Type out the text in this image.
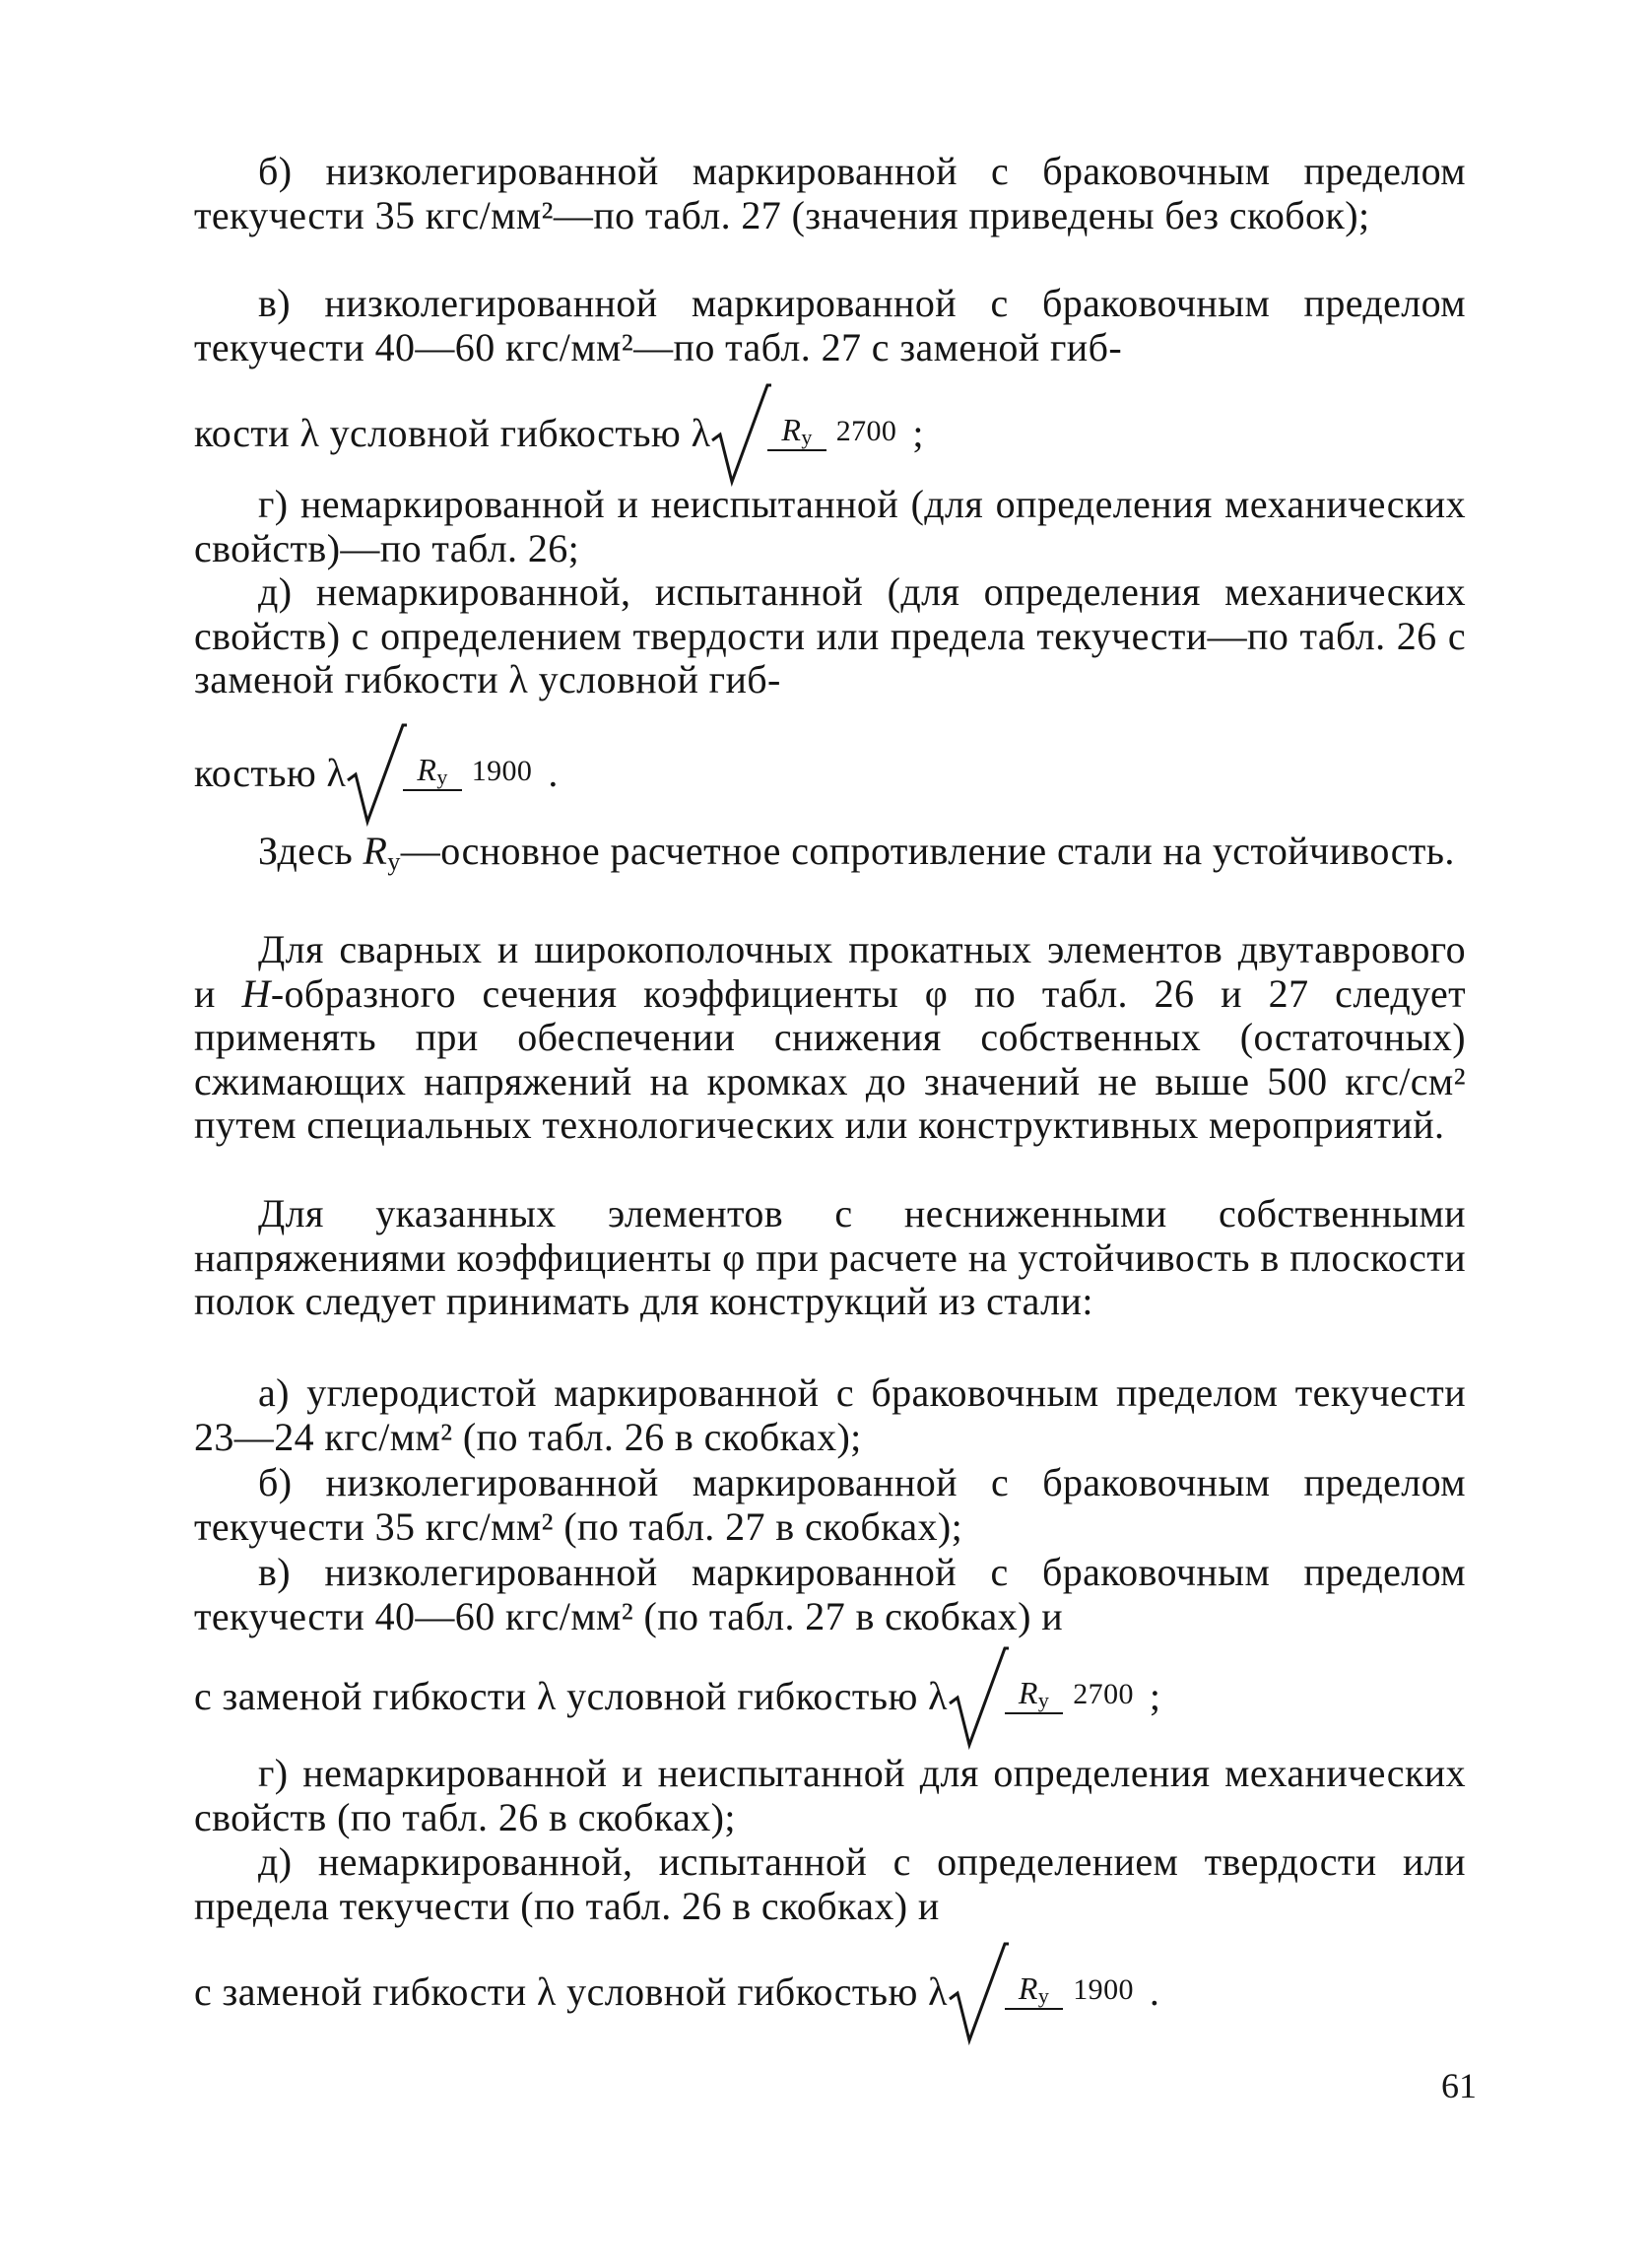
б) низколегированной маркированной с браковочным пределом текучести 35 кгс/мм²—по табл. 27 (значения приведены без скобок);

в) низколегированной маркированной с браковочным пределом текучести 40—60 кгс/мм²—по табл. 27 с заменой гиб-

кости λ условной гибкостью λ $R_y$ 2700 ;

г) немаркированной и неиспытанной (для определения механических свойств)—по табл. 26;

д) немаркированной, испытанной (для определения механических свойств) с определением твердости или предела текучести—по табл. 26 с заменой гибкости λ условной гиб-

костью λ $R_y$ 1900 .

Здесь $R_y—основное$ расчетное сопротивление стали на устойчивость.

Для сварных и широкополочных прокатных элементов двутаврового и H-образного сечения коэффициенты φ по табл. 26 и 27 следует применять при обеспечении снижения собственных (остаточных) сжимающих напряжений на кромках до значений не выше 500 кгс/см² путем специальных технологических или конструктивных мероприятий.

Для указанных элементов с несниженными собственными напряжениями коэффициенты φ при расчете на устойчивость в плоскости полок следует принимать для конструкций из стали:

а) углеродистой маркированной с браковочным пределом текучести 23—24 кгс/мм² (по табл. 26 в скобках);

б) низколегированной маркированной с браковочным пределом текучести 35 кгс/мм² (по табл. 27 в скобках);

в) низколегированной маркированной с браковочным пределом текучести 40—60 кгс/мм² (по табл. 27 в скобках) и

с заменой гибкости λ условной гибкостью λ $R_y$ 2700 ;

г) немаркированной и неиспытанной для определения механических свойств (по табл. 26 в скобках);

д) немаркированной, испытанной с определением твердости или предела текучести (по табл. 26 в скобках) и

с заменой гибкости λ условной гибкостью λ $R_y$ 1900 .
61
